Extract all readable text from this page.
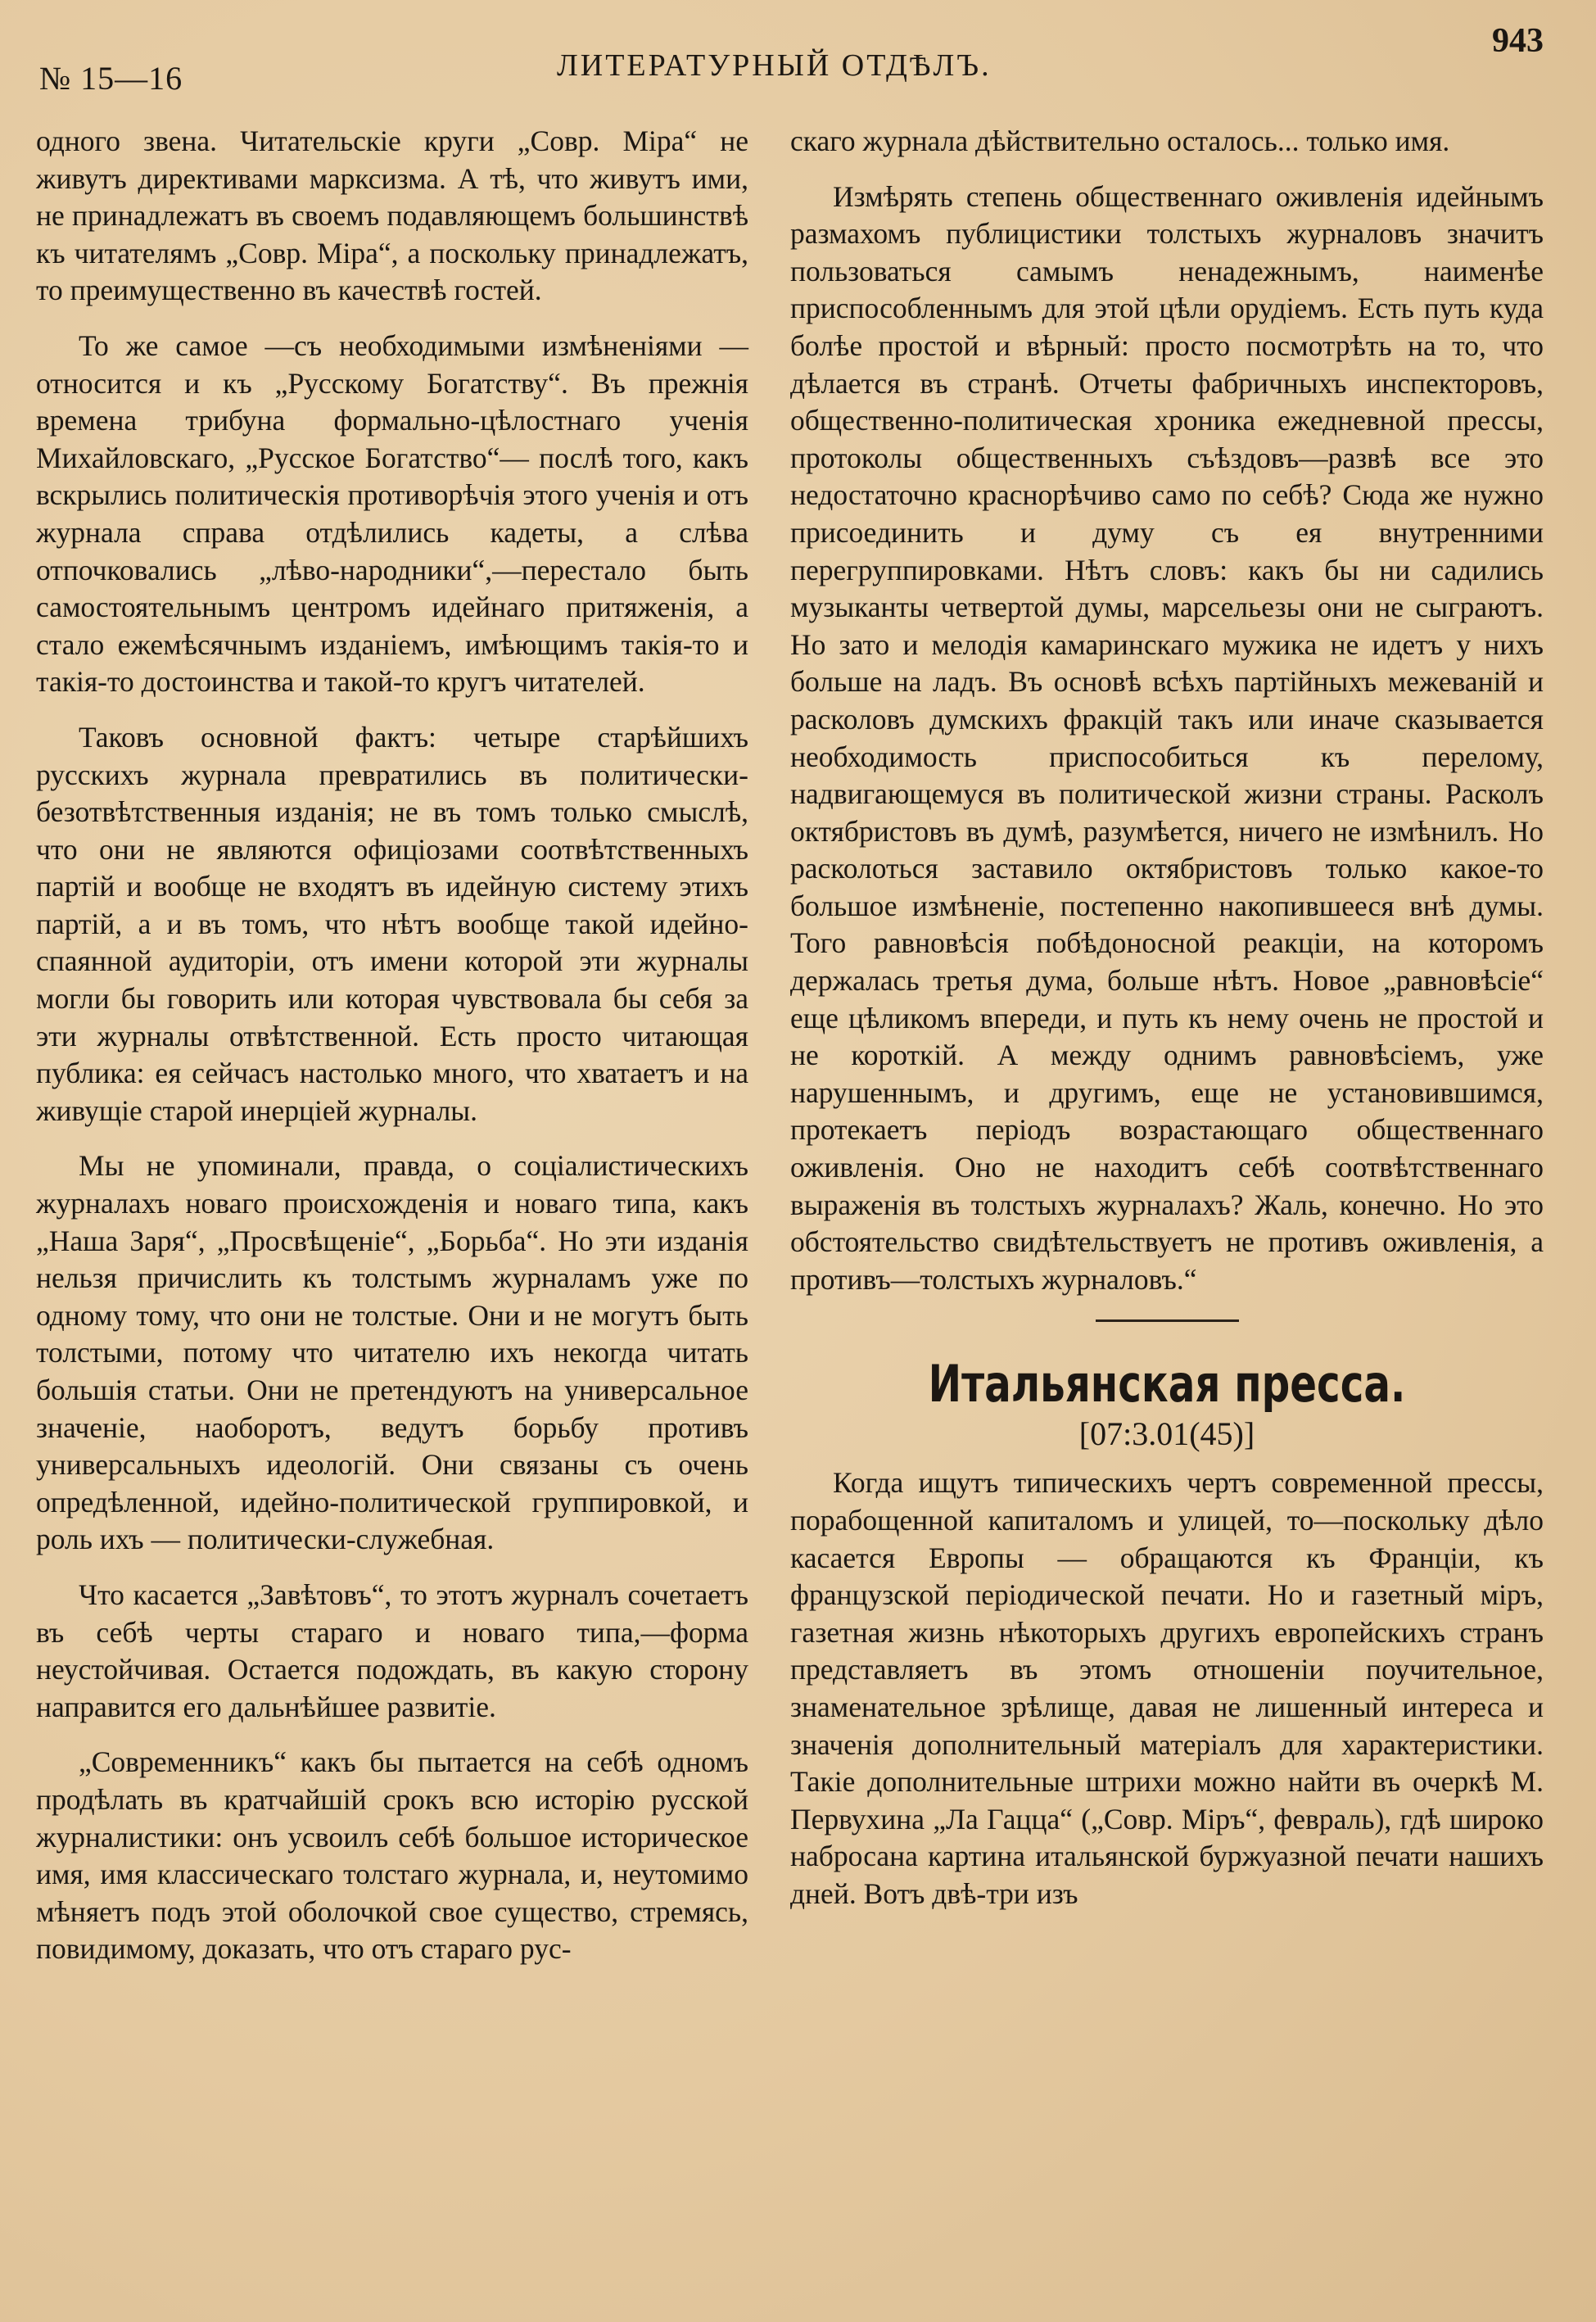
№ 15—16	ЛИТЕРАТУРНЫЙ ОТДѢЛЪ.
943

одного звена. Читательскіе круги „Совр. Міра“ не живутъ директивами марксизма. А тѣ, что живутъ ими, не принадлежатъ въ своемъ подавляющемъ большинствѣ къ читателямъ „Совр. Міра“, а поскольку принадлежатъ, то преимущественно въ качествѣ гостей.

То же самое —съ необходимыми измѣненіями —относится и къ „Русскому Богатству“. Въ прежнія времена трибуна формально-цѣлостнаго ученія Михайловскаго, „Русское Богатство“— послѣ того, какъ вскрылись политическія противорѣчія этого ученія и отъ журнала справа отдѣлились кадеты, а слѣва отпочковались „лѣво-народники“,—перестало быть самостоятельнымъ центромъ идейнаго притяженія, а стало ежемѣсячнымъ изданіемъ, имѣющимъ такія-то и такія-то достоинства и такой-то кругъ читателей.

Таковъ основной фактъ: четыре старѣйшихъ русскихъ журнала превратились въ политически-безотвѣтственныя изданія; не въ томъ только смыслѣ, что они не являются офиціозами соотвѣтственныхъ партій и вообще не входятъ въ идейную систему этихъ партій, а и въ томъ, что нѣтъ вообще такой идейно-спаянной аудиторіи, отъ имени которой эти журналы могли бы говорить или которая чувствовала бы себя за эти журналы отвѣтственной. Есть просто читающая публика: ея сейчасъ настолько много, что хватаетъ и на живущіе старой инерціей журналы.

Мы не упоминали, правда, о соціалистическихъ журналахъ новаго происхожденія и новаго типа, какъ „Наша Заря“, „Просвѣщеніе“, „Борьба“. Но эти изданія нельзя причислить къ толстымъ журналамъ уже по одному тому, что они не толстые. Они и не могутъ быть толстыми, потому что читателю ихъ некогда читать большія статьи. Они не претендуютъ на универсальное значеніе, наоборотъ, ведутъ борьбу противъ универсальныхъ идеологій. Они связаны съ очень опредѣленной, идейно-политической группировкой, и роль ихъ — политически-служебная.

Что касается „Завѣтовъ“, то этотъ журналъ сочетаетъ въ себѣ черты стараго и новаго типа,—форма неустойчивая. Остается подождать, въ какую сторону направится его дальнѣйшее развитіе.

„Современникъ“ какъ бы пытается на себѣ одномъ продѣлать въ кратчайшій срокъ всю исторію русской журналистики: онъ усвоилъ себѣ большое историческое имя, имя классическаго толстаго журнала, и, неутомимо мѣняетъ подъ этой оболочкой свое существо, стремясь, повидимому, доказать, что отъ стараго рус-

скаго журнала дѣйствительно осталось... только имя.

Измѣрять степень общественнаго оживленія идейнымъ размахомъ публицистики толстыхъ журналовъ значитъ пользоваться самымъ ненадежнымъ, наименѣе приспособленнымъ для этой цѣли орудіемъ. Есть путь куда болѣе простой и вѣрный: просто посмотрѣть на то, что дѣлается въ странѣ. Отчеты фабричныхъ инспекторовъ, общественно-политическая хроника ежедневной прессы, протоколы общественныхъ съѣздовъ—развѣ все это недостаточно краснорѣчиво само по себѣ? Сюда же нужно присоединить и думу съ ея внутренними перегруппировками. Нѣтъ словъ: какъ бы ни садились музыканты четвертой думы, марсельезы они не сыграютъ. Но зато и мелодія камаринскаго мужика не идетъ у нихъ больше на ладъ. Въ основѣ всѣхъ партійныхъ межеваній и расколовъ думскихъ фракцій такъ или иначе сказывается необходимость приспособиться къ перелому, надвигающемуся въ политической жизни страны. Расколъ октябристовъ въ думѣ, разумѣется, ничего не измѣнилъ. Но расколоться заставило октябристовъ только какое-то большое измѣненіе, постепенно накопившееся внѣ думы. Того равновѣсія побѣдоносной реакціи, на которомъ держалась третья дума, больше нѣтъ. Новое „равновѣсіе“ еще цѣликомъ впереди, и путь къ нему очень не простой и не короткій. А между однимъ равновѣсіемъ, уже нарушеннымъ, и другимъ, еще не установившимся, протекаетъ періодъ возрастающаго общественнаго оживленія. Оно не находитъ себѣ соотвѣтственнаго выраженія въ толстыхъ журналахъ? Жаль, конечно. Но это обстоятельство свидѣтельствуетъ не противъ оживленія, а противъ—толстыхъ журналовъ.“

Итальянская пресса.
[07:3.01(45)]

Когда ищутъ типическихъ чертъ современной прессы, порабощенной капиталомъ и улицей, то—поскольку дѣло касается Европы — обращаются къ Франціи, къ французской періодической печати. Но и газетный міръ, газетная жизнь нѣкоторыхъ другихъ европейскихъ странъ представляетъ въ этомъ отношеніи поучительное, знаменательное зрѣлище, давая не лишенный интереса и значенія дополнительный матеріалъ для характеристики. Такіе дополнительные штрихи можно найти въ очеркѣ М. Первухина „Ла Гацца“ („Совр. Міръ“, февраль), гдѣ широко набросана картина итальянской буржуазной печати нашихъ дней. Вотъ двѣ-три изъ
